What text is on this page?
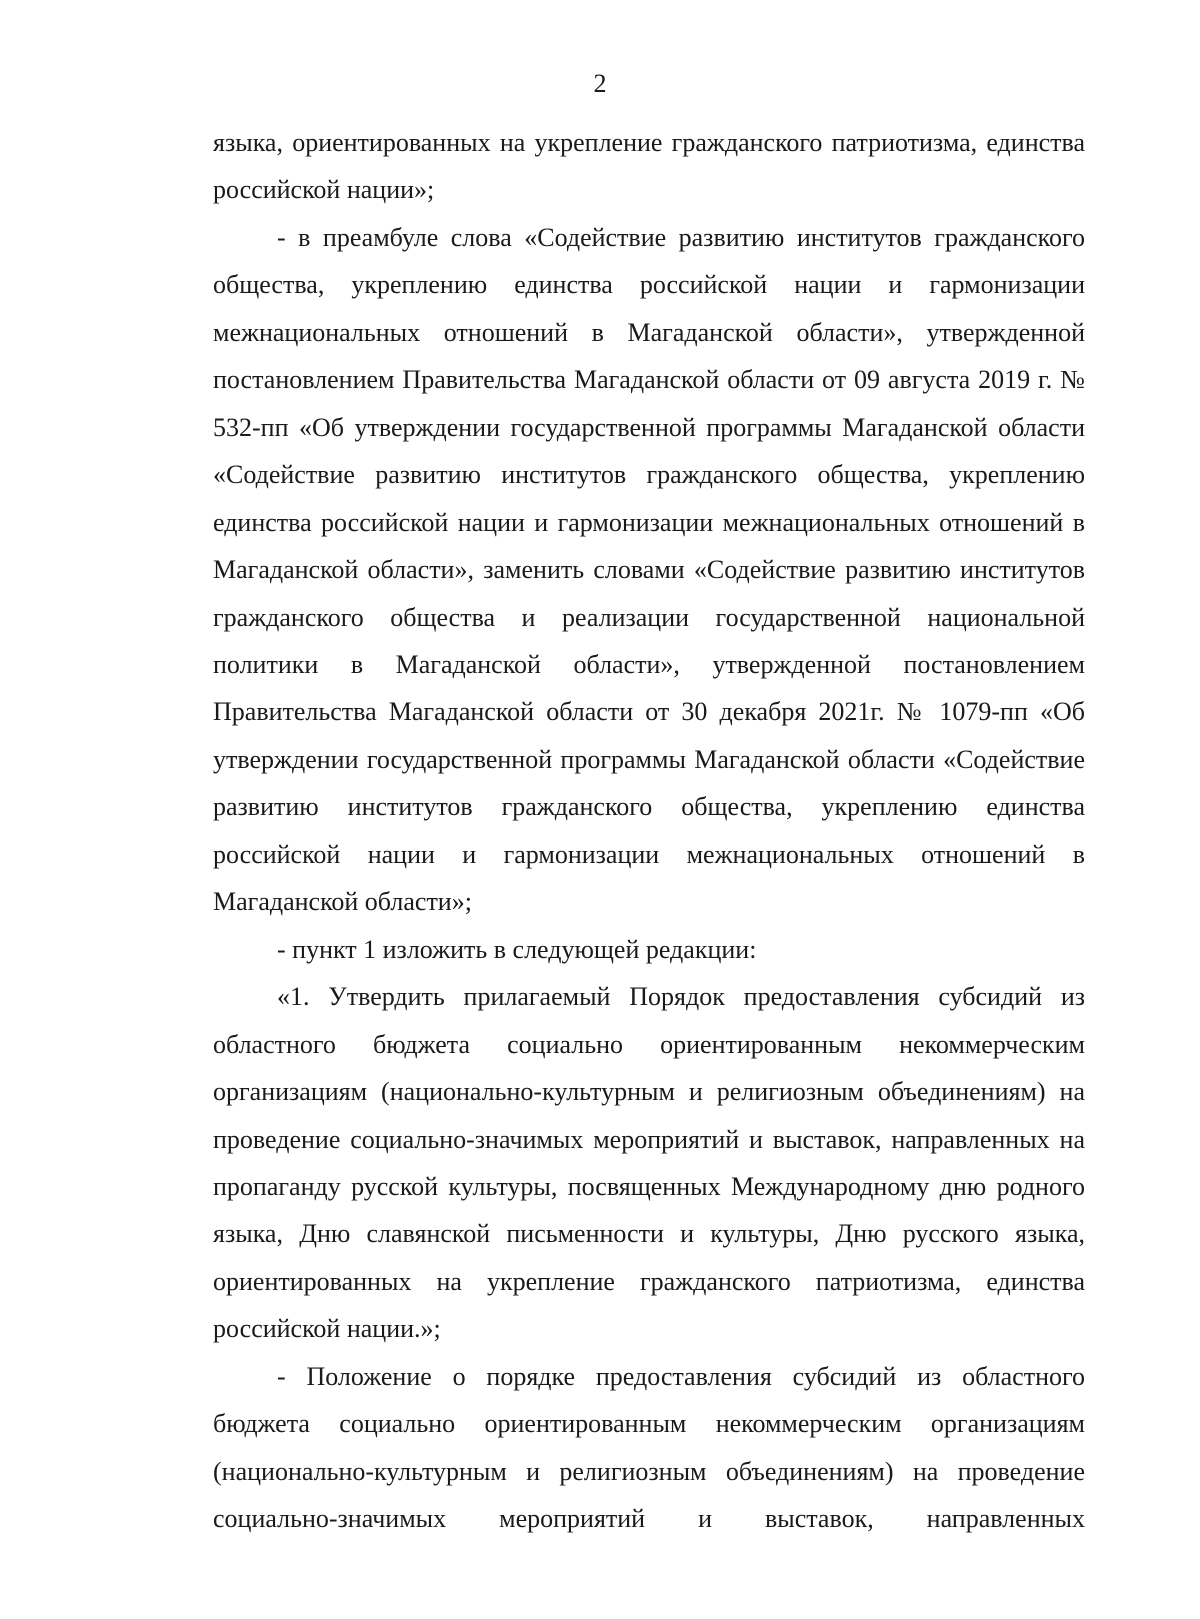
2

языка, ориентированных на укрепление гражданского патриотизма, единства российской нации»;

- в преамбуле слова «Содействие развитию институтов гражданского общества, укреплению единства российской нации и гармонизации межнациональных отношений в Магаданской области», утвержденной постановлением Правительства Магаданской области от 09 августа 2019 г. № 532-пп «Об утверждении государственной программы Магаданской области «Содействие развитию институтов гражданского общества, укреплению единства российской нации и гармонизации межнациональных отношений в Магаданской области», заменить словами «Содействие развитию институтов гражданского общества и реализации государственной национальной политики в Магаданской области», утвержденной постановлением Правительства Магаданской области от 30 декабря 2021г. № 1079-пп «Об утверждении государственной программы Магаданской области «Содействие развитию институтов гражданского общества, укреплению единства российской нации и гармонизации межнациональных отношений в Магаданской области»;

- пункт 1 изложить в следующей редакции:

«1. Утвердить прилагаемый Порядок предоставления субсидий из областного бюджета социально ориентированным некоммерческим организациям (национально-культурным и религиозным объединениям) на проведение социально-значимых мероприятий и выставок, направленных на пропаганду русской культуры, посвященных Международному дню родного языка, Дню славянской письменности и культуры, Дню русского языка, ориентированных на укрепление гражданского патриотизма, единства российской нации.»;

- Положение о порядке предоставления субсидий из областного бюджета социально ориентированным некоммерческим организациям (национально-культурным и религиозным объединениям) на проведение социально-значимых мероприятий и выставок, направленных
